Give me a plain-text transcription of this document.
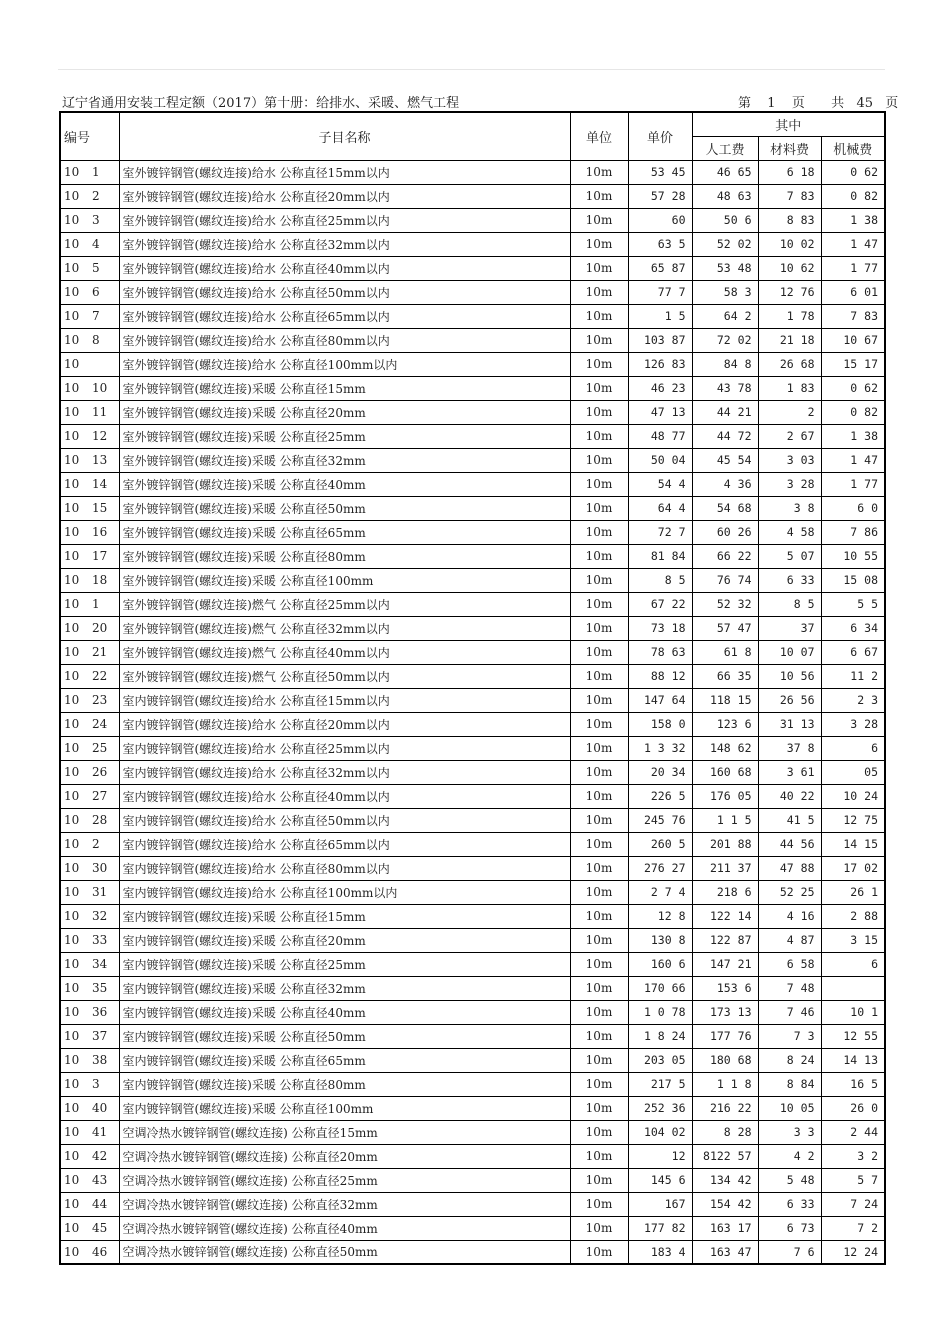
辽宁省通用安装工程定额（2017）第十册：给排水、采暖、燃气工程	第 1 页 共 45 页
编号	子目名称	单位	单价	其中		
				人工费	材料费	机械费
10 1	室外镀锌钢管(螺纹连接)给水 公称直径15mm以内	10m	53 45	46 65	6 18	0 62
10 2	室外镀锌钢管(螺纹连接)给水 公称直径20mm以内	10m	57 28	48 63	7 83	0 82
10 3	室外镀锌钢管(螺纹连接)给水 公称直径25mm以内	10m	60	50 6	8 83	1 38
10 4	室外镀锌钢管(螺纹连接)给水 公称直径32mm以内	10m	63 5	52 02	10 02	1 47
10 5	室外镀锌钢管(螺纹连接)给水 公称直径40mm以内	10m	65 87	53 48	10 62	1 77
10 6	室外镀锌钢管(螺纹连接)给水 公称直径50mm以内	10m	77 7	58 3	12 76	6 01
10 7	室外镀锌钢管(螺纹连接)给水 公称直径65mm以内	10m	1 5	64 2	1 78	7 83
10 8	室外镀锌钢管(螺纹连接)给水 公称直径80mm以内	10m	103 87	72 02	21 18	10 67
10	室外镀锌钢管(螺纹连接)给水 公称直径100mm以内	10m	126 83	84 8	26 68	15 17
10 10	室外镀锌钢管(螺纹连接)采暖 公称直径15mm	10m	46 23	43 78	1 83	0 62
10 11	室外镀锌钢管(螺纹连接)采暖 公称直径20mm	10m	47 13	44 21	2	0 82
10 12	室外镀锌钢管(螺纹连接)采暖 公称直径25mm	10m	48 77	44 72	2 67	1 38
10 13	室外镀锌钢管(螺纹连接)采暖 公称直径32mm	10m	50 04	45 54	3 03	1 47
10 14	室外镀锌钢管(螺纹连接)采暖 公称直径40mm	10m	54 4	4 36	3 28	1 77
10 15	室外镀锌钢管(螺纹连接)采暖 公称直径50mm	10m	64 4	54 68	3 8	6 0
10 16	室外镀锌钢管(螺纹连接)采暖 公称直径65mm	10m	72 7	60 26	4 58	7 86
10 17	室外镀锌钢管(螺纹连接)采暖 公称直径80mm	10m	81 84	66 22	5 07	10 55
10 18	室外镀锌钢管(螺纹连接)采暖 公称直径100mm	10m	8 5	76 74	6 33	15 08
10 1	室外镀锌钢管(螺纹连接)燃气 公称直径25mm以内	10m	67 22	52 32	8 5	5 5
10 20	室外镀锌钢管(螺纹连接)燃气 公称直径32mm以内	10m	73 18	57 47	37	6 34
10 21	室外镀锌钢管(螺纹连接)燃气 公称直径40mm以内	10m	78 63	61 8	10 07	6 67
10 22	室外镀锌钢管(螺纹连接)燃气 公称直径50mm以内	10m	88 12	66 35	10 56	11 2
10 23	室内镀锌钢管(螺纹连接)给水 公称直径15mm以内	10m	147 64	118 15	26 56	2 3
10 24	室内镀锌钢管(螺纹连接)给水 公称直径20mm以内	10m	158 0	123 6	31 13	3 28
10 25	室内镀锌钢管(螺纹连接)给水 公称直径25mm以内	10m	1 3 32	148 62	37 8	6
10 26	室内镀锌钢管(螺纹连接)给水 公称直径32mm以内	10m	20 34	160 68	3 61	05
10 27	室内镀锌钢管(螺纹连接)给水 公称直径40mm以内	10m	226 5	176 05	40 22	10 24
10 28	室内镀锌钢管(螺纹连接)给水 公称直径50mm以内	10m	245 76	1 1 5	41 5	12 75
10 2	室内镀锌钢管(螺纹连接)给水 公称直径65mm以内	10m	260 5	201 88	44 56	14 15
10 30	室内镀锌钢管(螺纹连接)给水 公称直径80mm以内	10m	276 27	211 37	47 88	17 02
10 31	室内镀锌钢管(螺纹连接)给水 公称直径100mm以内	10m	2 7 4	218 6	52 25	26 1
10 32	室内镀锌钢管(螺纹连接)采暖 公称直径15mm	10m	12 8	122 14	4 16	2 88
10 33	室内镀锌钢管(螺纹连接)采暖 公称直径20mm	10m	130 8	122 87	4 87	3 15
10 34	室内镀锌钢管(螺纹连接)采暖 公称直径25mm	10m	160 6	147 21	6 58	6
10 35	室内镀锌钢管(螺纹连接)采暖 公称直径32mm	10m	170 66	153 6	7 48	
10 36	室内镀锌钢管(螺纹连接)采暖 公称直径40mm	10m	1 0 78	173 13	7 46	10 1
10 37	室内镀锌钢管(螺纹连接)采暖 公称直径50mm	10m	1 8 24	177 76	7 3	12 55
10 38	室内镀锌钢管(螺纹连接)采暖 公称直径65mm	10m	203 05	180 68	8 24	14 13
10 3	室内镀锌钢管(螺纹连接)采暖 公称直径80mm	10m	217 5	1 1 8	8 84	16 5
10 40	室内镀锌钢管(螺纹连接)采暖 公称直径100mm	10m	252 36	216 22	10 05	26 0
10 41	空调冷热水镀锌钢管(螺纹连接) 公称直径15mm	10m	104 02	8 28	3 3	2 44
10 42	空调冷热水镀锌钢管(螺纹连接) 公称直径20mm	10m	12	8122 57	4 2	3 2
10 43	空调冷热水镀锌钢管(螺纹连接) 公称直径25mm	10m	145 6	134 42	5 48	5 7
10 44	空调冷热水镀锌钢管(螺纹连接) 公称直径32mm	10m	167	154 42	6 33	7 24
10 45	空调冷热水镀锌钢管(螺纹连接) 公称直径40mm	10m	177 82	163 17	6 73	7 2
10 46	空调冷热水镀锌钢管(螺纹连接) 公称直径50mm	10m	183 4	163 47	7 6	12 24
